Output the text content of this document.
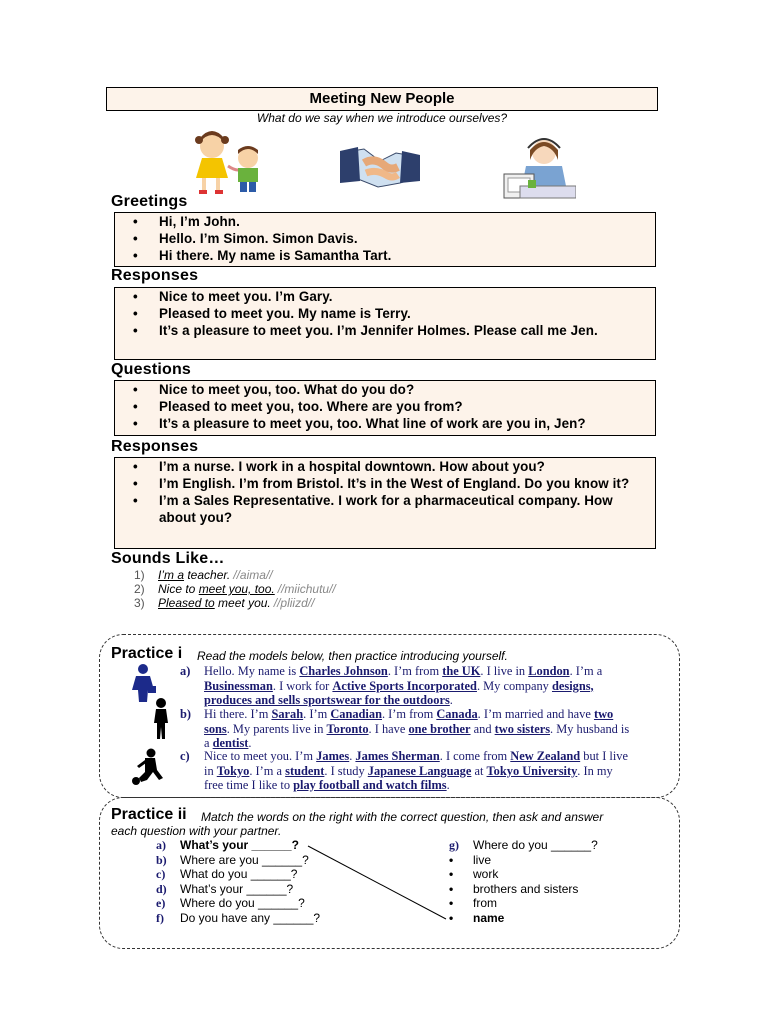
Meeting New People
What do we say when we introduce ourselves?
Greetings
• Hi, I’m John.
• Hello. I’m Simon. Simon Davis.
• Hi there. My name is Samantha Tart.
Responses
• Nice to meet you. I’m Gary.
• Pleased to meet you. My name is Terry.
• It’s a pleasure to meet you. I’m Jennifer Holmes. Please call me Jen.
Questions
• Nice to meet you, too. What do you do?
• Pleased to meet you, too. Where are you from?
• It’s a pleasure to meet you, too. What line of work are you in, Jen?
Responses
• I’m a nurse. I work in a hospital downtown. How about you?
• I’m English. I’m from Bristol. It’s in the West of England. Do you know it?
• I’m a Sales Representative. I work for a pharmaceutical company. How about you?
Sounds Like…
1)	I’m a teacher. //aima//
2)	Nice to meet you, too. //miichutu//
3)	Pleased to meet you. //pliizd//
Practice i Read the models below, then practice introducing yourself.
a) Hello. My name is Charles Johnson. I’m from the UK. I live in London. I’m a Businessman. I work for Active Sports Incorporated. My company designs, produces and sells sportswear for the outdoors.
b) Hi there. I’m Sarah. I’m Canadian. I’m from Canada. I’m married and have two sons. My parents live in Toronto. I have one brother and two sisters. My husband is a dentist.
c) Nice to meet you. I’m James. James Sherman. I come from New Zealand but I live in Tokyo. I’m a student. I study Japanese Language at Tokyo University. In my free time I like to play football and watch films.
Practice ii Match the words on the right with the correct question, then ask and answer
each question with your partner.
a)	What’s your ______?
b)	Where are you ______?
c)	What do you ______?
d)	What’s your ______?
e)	Where do you ______?
f)	Do you have any ______?
g)	Where do you ______?
•	live
•	work
•	brothers and sisters
•	from
•	name
